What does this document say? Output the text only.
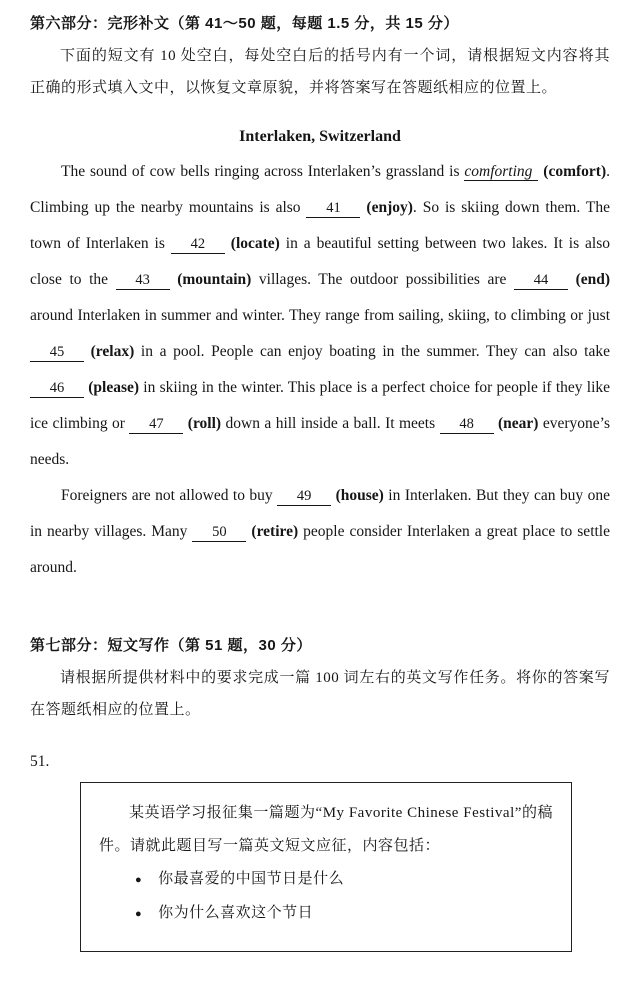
第六部分：完形补文（第 41～50 题，每题 1.5 分，共 15 分）

下面的短文有 10 处空白，每处空白后的括号内有一个词，请根据短文内容将其正确的形式填入文中，以恢复文章原貌，并将答案写在答题纸相应的位置上。

Interlaken, Switzerland

The sound of cow bells ringing across Interlaken’s grassland is comforting (comfort). Climbing up the nearby mountains is also 41 (enjoy). So is skiing down them. The town of Interlaken is 42 (locate) in a beautiful setting between two lakes. It is also close to the 43 (mountain) villages. The outdoor possibilities are 44 (end) around Interlaken in summer and winter. They range from sailing, skiing, to climbing or just 45 (relax) in a pool. People can enjoy boating in the summer. They can also take 46 (please) in skiing in the winter. This place is a perfect choice for people if they like ice climbing or 47 (roll) down a hill inside a ball. It meets 48 (near) everyone’s needs.

Foreigners are not allowed to buy 49 (house) in Interlaken. But they can buy one in nearby villages. Many 50 (retire) people consider Interlaken a great place to settle around.

第七部分：短文写作（第 51 题，30 分）

请根据所提供材料中的要求完成一篇 100 词左右的英文写作任务。将你的答案写在答题纸相应的位置上。

51.

某英语学习报征集一篇题为“My Favorite Chinese Festival”的稿件。请就此题目写一篇英文短文应征，内容包括：

● 你最喜爱的中国节日是什么
● 你为什么喜欢这个节日
